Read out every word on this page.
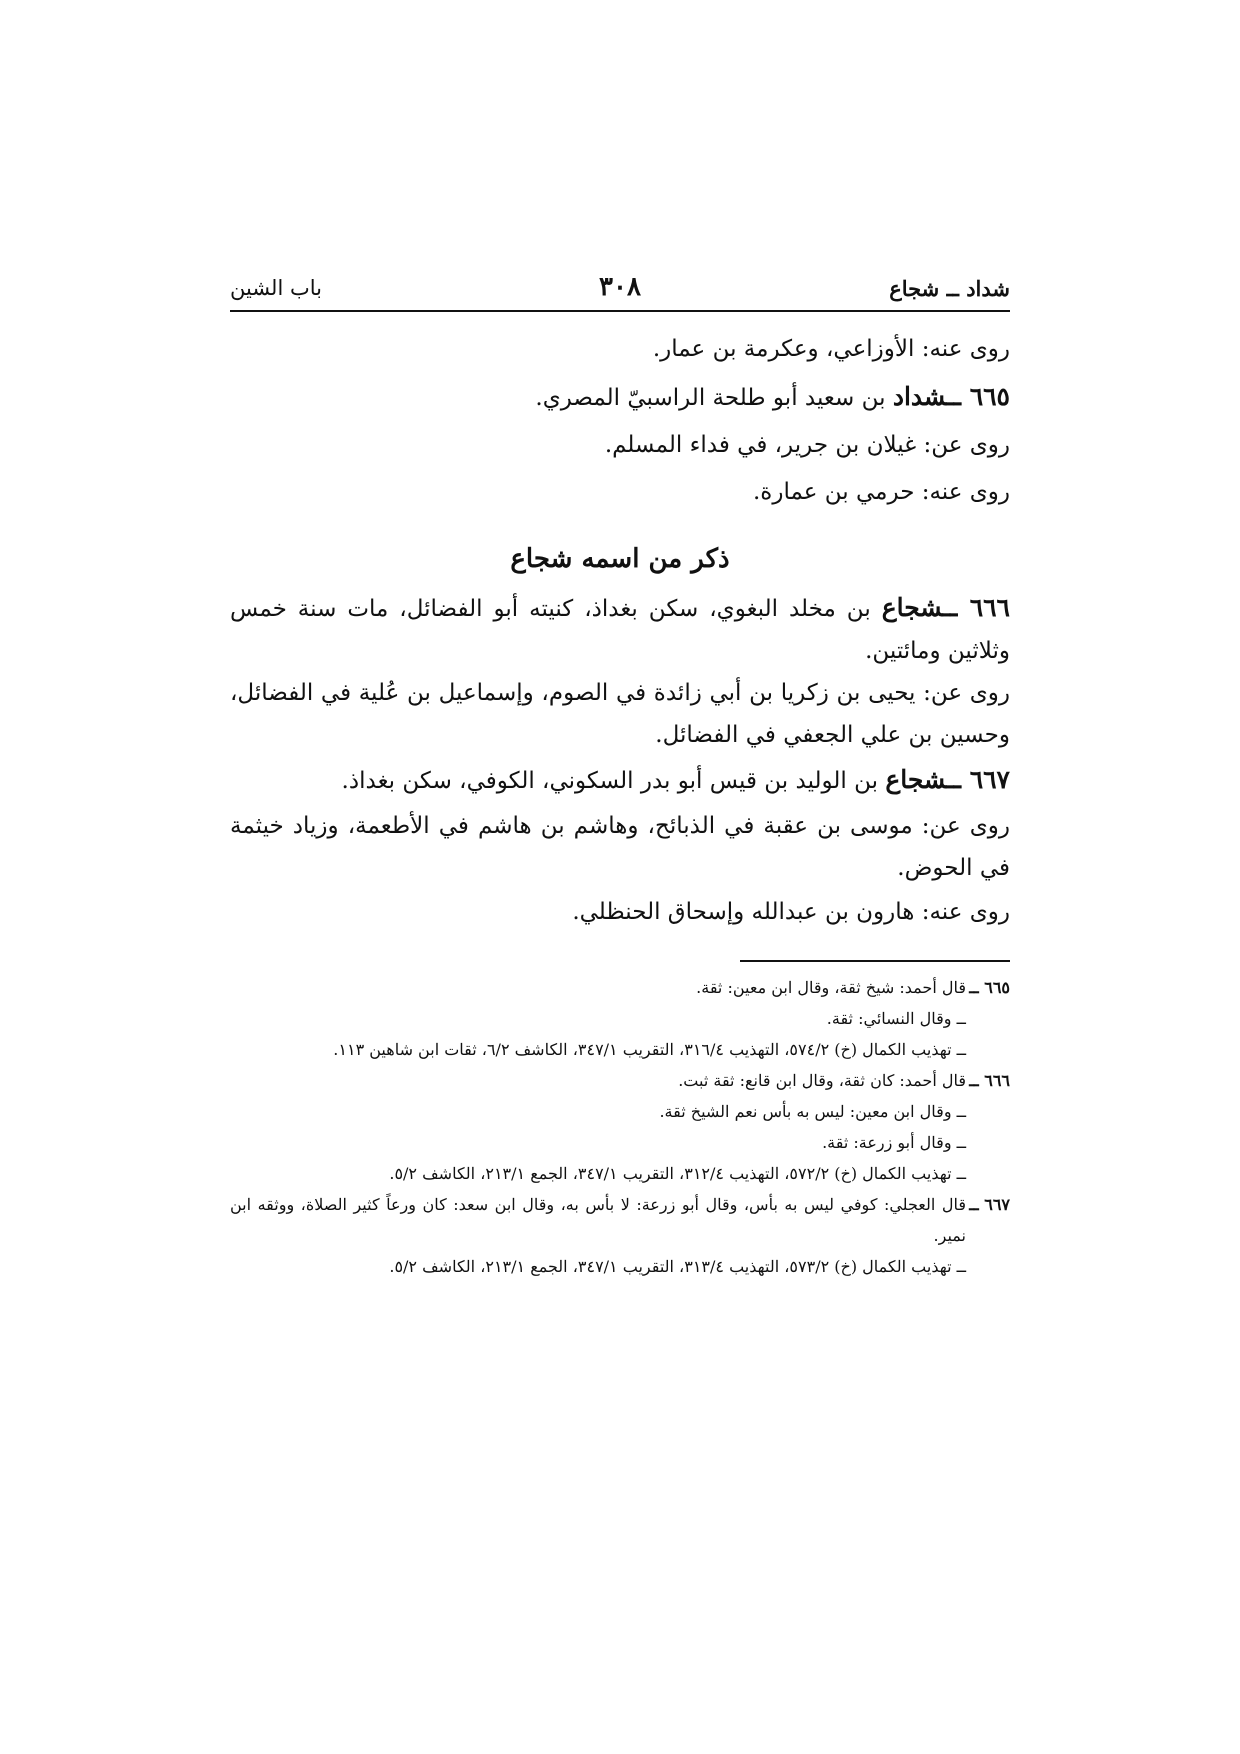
شداد ــ شجاع
٣٠٨
باب الشين

روى عنه: الأوزاعي، وعكرمة بن عمار.

٦٦٥ ــشداد بن سعيد أبو طلحة الراسبيّ المصري.

روى عن: غيلان بن جرير، في فداء المسلم.

روى عنه: حرمي بن عمارة.

ذكر من اسمه شجاع

٦٦٦ ــشجاع بن مخلد البغوي، سكن بغداذ، كنيته أبو الفضائل، مات سنة خمس وثلاثين ومائتين.

روى عن: يحيى بن زكريا بن أبي زائدة في الصوم، وإسماعيل بن عُلية في الفضائل، وحسين بن علي الجعفي في الفضائل.

٦٦٧ ــشجاع بن الوليد بن قيس أبو بدر السكوني، الكوفي، سكن بغداذ.

روى عن: موسى بن عقبة في الذبائح، وهاشم بن هاشم في الأطعمة، وزياد خيثمة في الحوض.

روى عنه: هارون بن عبدالله وإسحاق الحنظلي.

٦٦٥ ــ

قال أحمد: شيخ ثقة، وقال ابن معين: ثقة.

ــ وقال النسائي: ثقة.

ــ تهذيب الكمال (خ) ٥٧٤/٢، التهذيب ٣١٦/٤، التقريب ٣٤٧/١، الكاشف ٦/٢، ثقات ابن شاهين ١١٣.

٦٦٦ ــ

قال أحمد: كان ثقة، وقال ابن قانع: ثقة ثبت.

ــ وقال ابن معين: ليس به بأس نعم الشيخ ثقة.

ــ وقال أبو زرعة: ثقة.

ــ تهذيب الكمال (خ) ٥٧٢/٢، التهذيب ٣١٢/٤، التقريب ٣٤٧/١، الجمع ٢١٣/١، الكاشف ٥/٢.

٦٦٧ ــ

قال العجلي: كوفي ليس به بأس، وقال أبو زرعة: لا بأس به، وقال ابن سعد: كان ورعاً كثير الصلاة، ووثقه ابن نمير.

ــ تهذيب الكمال (خ) ٥٧٣/٢، التهذيب ٣١٣/٤، التقريب ٣٤٧/١، الجمع ٢١٣/١، الكاشف ٥/٢.
